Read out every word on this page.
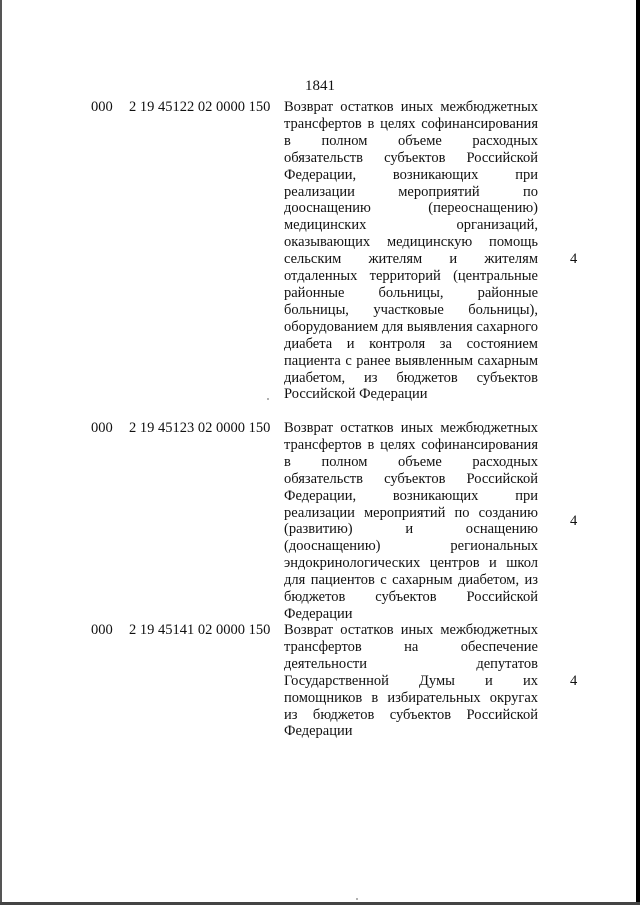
1841
000 2 19 45122 02 0000 150 Возврат остатков иных межбюджетных трансфертов в целях софинансирования в полном объеме расходных обязательств субъектов Российской Федерации, возникающих при реализации мероприятий по дооснащению (переоснащению) медицинских организаций, оказывающих медицинскую помощь сельским жителям и жителям отдаленных территорий (центральные районные больницы, районные больницы, участковые больницы), оборудованием для выявления сахарного диабета и контроля за состоянием пациента с ранее выявленным сахарным диабетом, из бюджетов субъектов Российской Федерации
4
000 2 19 45123 02 0000 150 Возврат остатков иных межбюджетных трансфертов в целях софинансирования в полном объеме расходных обязательств субъектов Российской Федерации, возникающих при реализации мероприятий по созданию (развитию) и оснащению (дооснащению) региональных эндокринологических центров и школ для пациентов с сахарным диабетом, из бюджетов субъектов Российской Федерации
4
000 2 19 45141 02 0000 150 Возврат остатков иных межбюджетных трансфертов на обеспечение деятельности депутатов Государственной Думы и их помощников в избирательных округах из бюджетов субъектов Российской Федерации
4
